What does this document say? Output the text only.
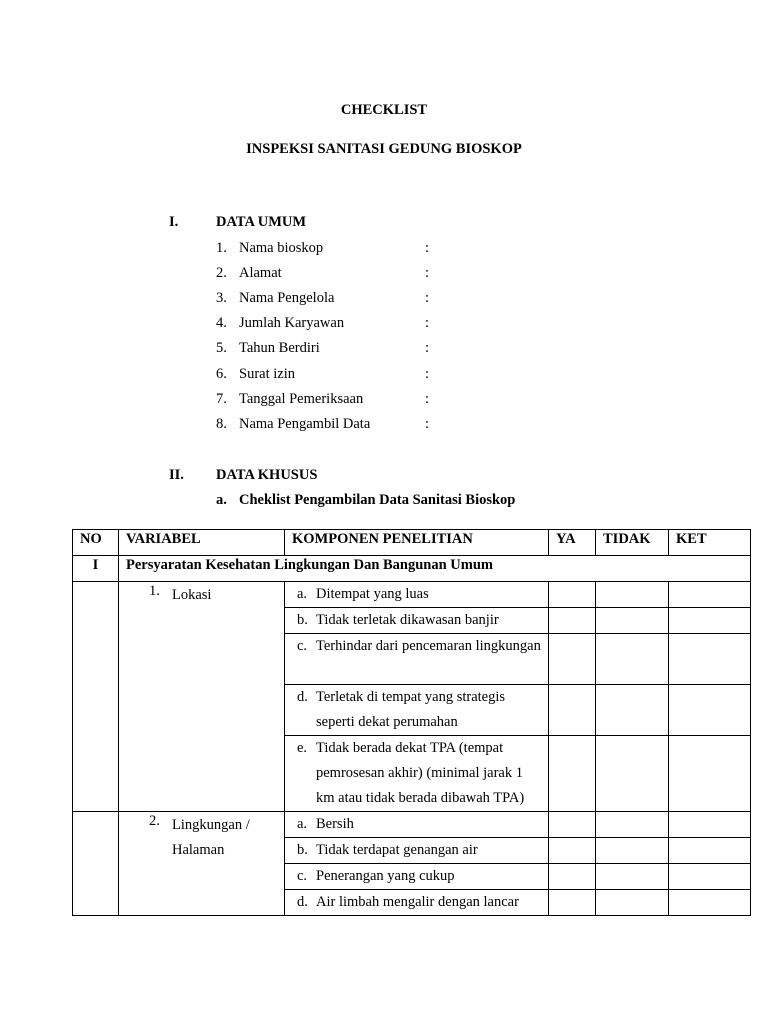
CHECKLIST
INSPEKSI SANITASI GEDUNG BIOSKOP
I.	DATA UMUM
1. Nama bioskop	:
2. Alamat	:
3. Nama Pengelola	:
4. Jumlah Karyawan	:
5. Tahun Berdiri	:
6. Surat izin	:
7. Tanggal Pemeriksaan	:
8. Nama Pengambil Data	:
II. DATA KHUSUS
a. Cheklist Pengambilan Data Sanitasi Bioskop
NO	VARIABEL	KOMPONEN PENELITIAN	YA	TIDAK	KET
I	Persyaratan Kesehatan Lingkungan Dan Bangunan Umum				

	1. Lokasi	a. Ditempat yang luas			

		b. Tidak terletak dikawasan banjir			

		c. Terhindar dari pencemaran lingkungan			

		d. Terletak di tempat yang strategis seperti dekat perumahan			

		e. Tidak berada dekat TPA (tempat pemrosesan akhir) (minimal jarak 1 km atau tidak berada dibawah TPA)			

	2. Lingkungan / Halaman	a. Bersih			

		b. Tidak terdapat genangan air			

		c. Penerangan yang cukup			

		d. Air limbah mengalir dengan lancar			
